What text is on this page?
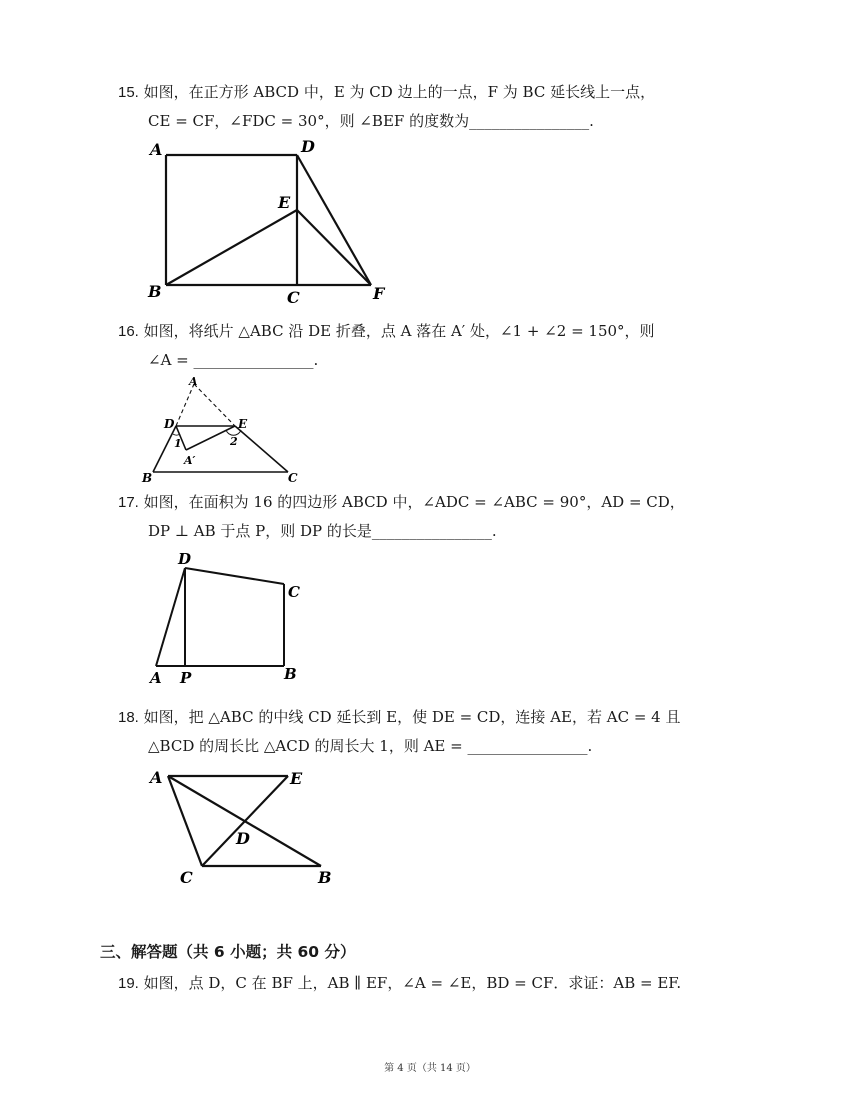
15. 如图，在正方形 ABCD 中，E 为 CD 边上的一点，F 为 BC 延长线上一点，
CE = CF，∠FDC = 30°，则 ∠BEF 的度数为________________.
A	D
E
B	C	F
16. 如图，将纸片 △ABC 沿 DE 折叠，点 A 落在 A′ 处，∠1 + ∠2 = 150°，则
∠A = ________________.
A
D	E
1	2
A′
B	C
17. 如图，在面积为 16 的四边形 ABCD 中，∠ADC = ∠ABC = 90°，AD = CD，
DP ⊥ AB 于点 P，则 DP 的长是________________.
D
C
A P	B
18. 如图，把 △ABC 的中线 CD 延长到 E，使 DE = CD，连接 AE，若 AC = 4 且
△BCD 的周长比 △ACD 的周长大 1，则 AE = ________________.
A	E
D
C	B
三、解答题（共 6 小题；共 60 分）
19. 如图，点 D，C 在 BF 上，AB ∥ EF，∠A = ∠E，BD = CF．求证：AB = EF.
第 4 页（共 14 页）
